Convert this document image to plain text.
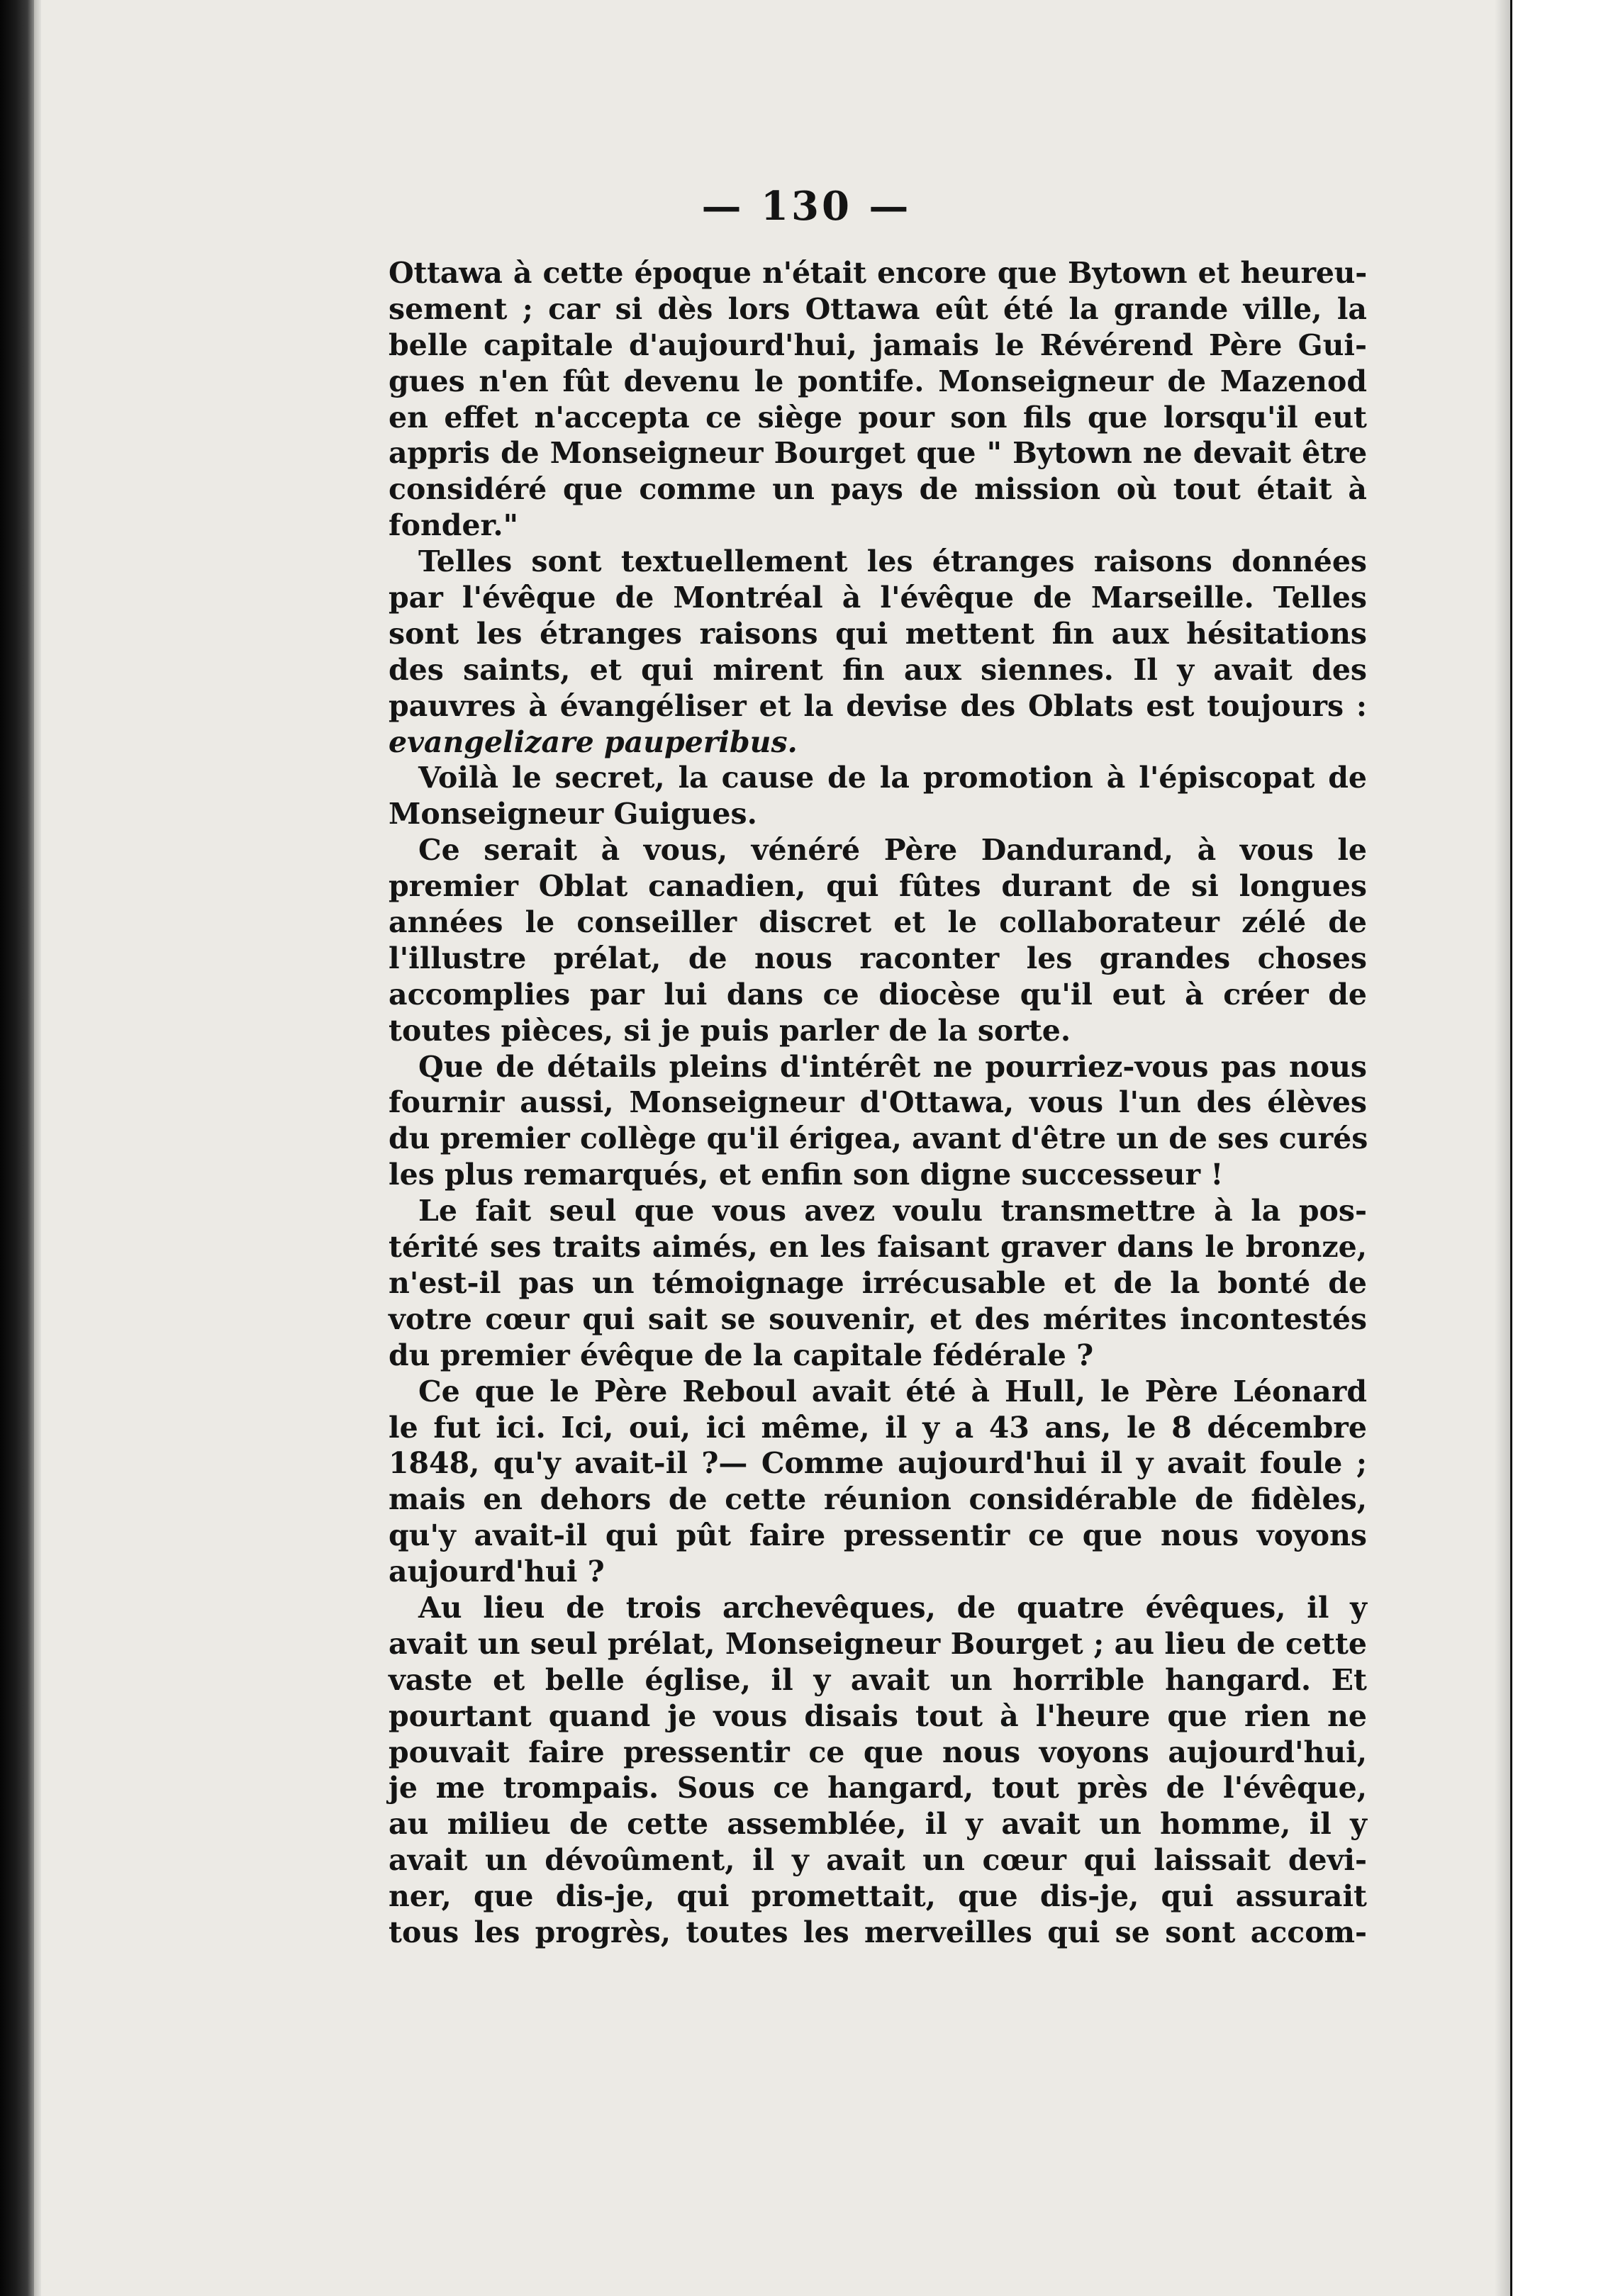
— 130 —
Ottawa à cette époque n'était encore que Bytown et heureu-
sement ; car si dès lors Ottawa eût été la grande ville, la
belle capitale d'aujourd'hui, jamais le Révérend Père Gui-
gues n'en fût devenu le pontife. Monseigneur de Mazenod
en effet n'accepta ce siège pour son fils que lorsqu'il eut
appris de Monseigneur Bourget que " Bytown ne devait être
considéré que comme un pays de mission où tout était à
fonder."
Telles sont textuellement les étranges raisons données
par l'évêque de Montréal à l'évêque de Marseille. Telles
sont les étranges raisons qui mettent fin aux hésitations
des saints, et qui mirent fin aux siennes. Il y avait des
pauvres à évangéliser et la devise des Oblats est toujours :
evangelizare pauperibus.
Voilà le secret, la cause de la promotion à l'épiscopat de
Monseigneur Guigues.
Ce serait à vous, vénéré Père Dandurand, à vous le
premier Oblat canadien, qui fûtes durant de si longues
années le conseiller discret et le collaborateur zélé de
l'illustre prélat, de nous raconter les grandes choses
accomplies par lui dans ce diocèse qu'il eut à créer de
toutes pièces, si je puis parler de la sorte.
Que de détails pleins d'intérêt ne pourriez-vous pas nous
fournir aussi, Monseigneur d'Ottawa, vous l'un des élèves
du premier collège qu'il érigea, avant d'être un de ses curés
les plus remarqués, et enfin son digne successeur !
Le fait seul que vous avez voulu transmettre à la pos-
térité ses traits aimés, en les faisant graver dans le bronze,
n'est-il pas un témoignage irrécusable et de la bonté de
votre cœur qui sait se souvenir, et des mérites incontestés
du premier évêque de la capitale fédérale ?
Ce que le Père Reboul avait été à Hull, le Père Léonard
le fut ici. Ici, oui, ici même, il y a 43 ans, le 8 décembre
1848, qu'y avait-il ?— Comme aujourd'hui il y avait foule ;
mais en dehors de cette réunion considérable de fidèles,
qu'y avait-il qui pût faire pressentir ce que nous voyons
aujourd'hui ?
Au lieu de trois archevêques, de quatre évêques, il y
avait un seul prélat, Monseigneur Bourget ; au lieu de cette
vaste et belle église, il y avait un horrible hangard. Et
pourtant quand je vous disais tout à l'heure que rien ne
pouvait faire pressentir ce que nous voyons aujourd'hui,
je me trompais. Sous ce hangard, tout près de l'évêque,
au milieu de cette assemblée, il y avait un homme, il y
avait un dévoûment, il y avait un cœur qui laissait devi-
ner, que dis-je, qui promettait, que dis-je, qui assurait
tous les progrès, toutes les merveilles qui se sont accom-
